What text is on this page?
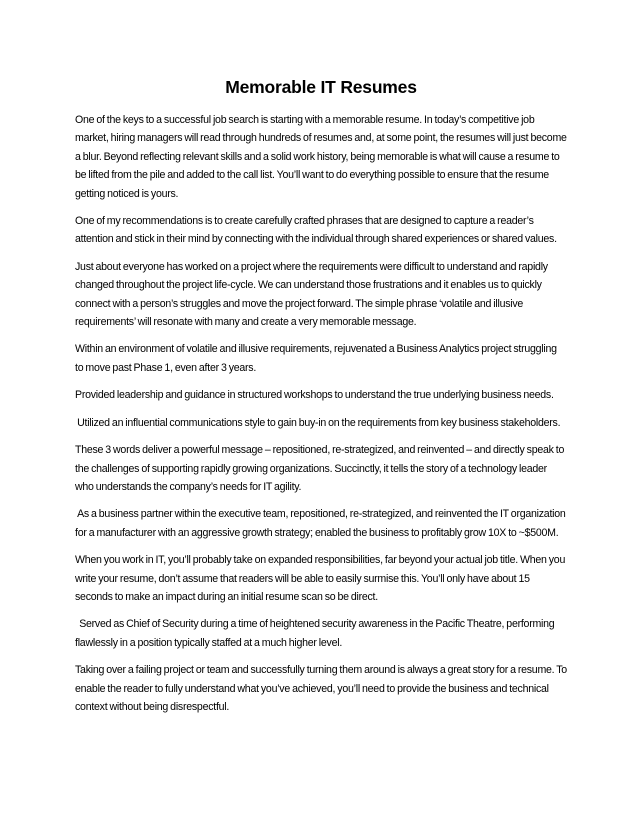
Memorable IT Resumes

One of the keys to a successful job search is starting with a memorable resume. In today’s competitive job market, hiring managers will read through hundreds of resumes and, at some point, the resumes will just become a blur. Beyond reflecting relevant skills and a solid work history, being memorable is what will cause a resume to be lifted from the pile and added to the call list. You’ll want to do everything possible to ensure that the resume getting noticed is yours.

One of my recommendations is to create carefully crafted phrases that are designed to capture a reader’s attention and stick in their mind by connecting with the individual through shared experiences or shared values.

Just about everyone has worked on a project where the requirements were difficult to understand and rapidly changed throughout the project life-cycle. We can understand those frustrations and it enables us to quickly connect with a person’s struggles and move the project forward. The simple phrase ‘volatile and illusive requirements’ will resonate with many and create a very memorable message.

Within an environment of volatile and illusive requirements, rejuvenated a Business Analytics project struggling to move past Phase 1, even after 3 years.

Provided leadership and guidance in structured workshops to understand the true underlying business needs.

Utilized an influential communications style to gain buy-in on the requirements from key business stakeholders.

These 3 words deliver a powerful message – repositioned, re-strategized, and reinvented – and directly speak to the challenges of supporting rapidly growing organizations. Succinctly, it tells the story of a technology leader who understands the company’s needs for IT agility.

As a business partner within the executive team, repositioned, re-strategized, and reinvented the IT organization for a manufacturer with an aggressive growth strategy; enabled the business to profitably grow 10X to ~$500M.

When you work in IT, you’ll probably take on expanded responsibilities, far beyond your actual job title. When you write your resume, don’t assume that readers will be able to easily surmise this. You’ll only have about 15 seconds to make an impact during an initial resume scan so be direct.

Served as Chief of Security during a time of heightened security awareness in the Pacific Theatre, performing flawlessly in a position typically staffed at a much higher level.

Taking over a failing project or team and successfully turning them around is always a great story for a resume. To enable the reader to fully understand what you’ve achieved, you’ll need to provide the business and technical context without being disrespectful.
